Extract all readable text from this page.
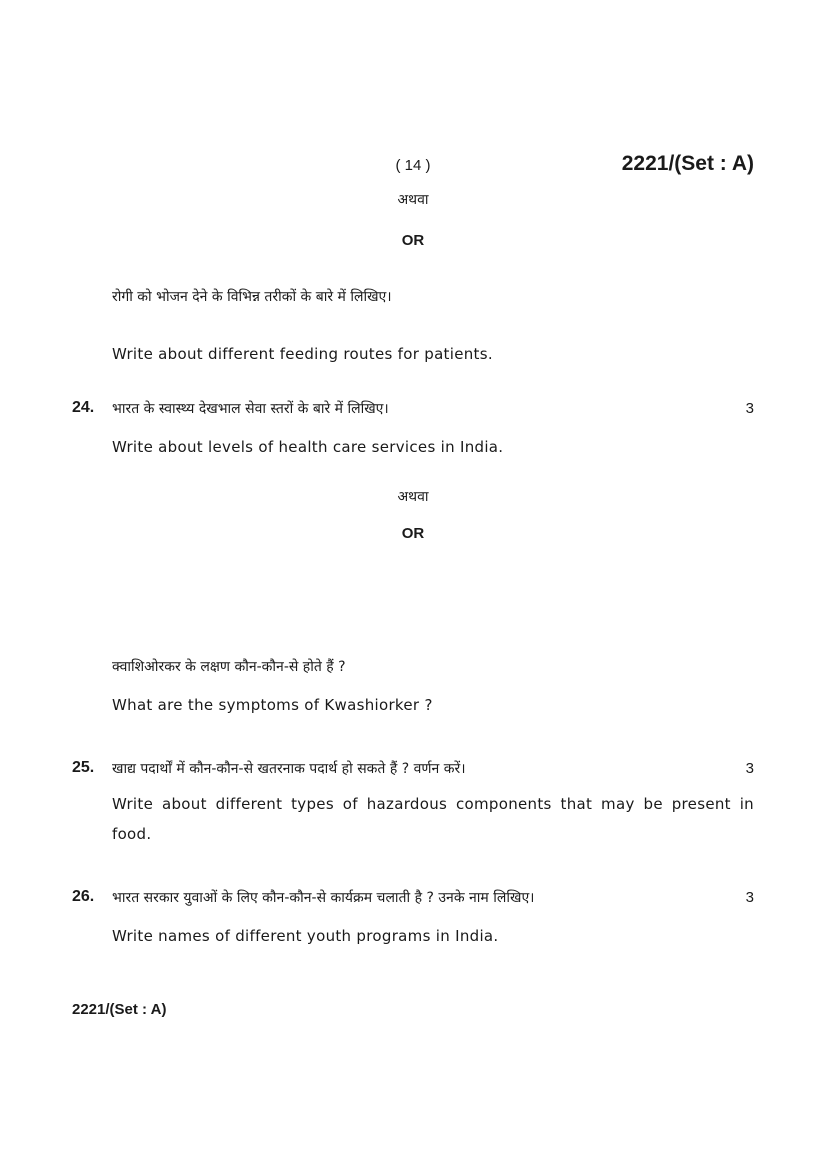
( 14 )	2221/(Set : A)
अथवा
OR
रोगी को भोजन देने के विभिन्न तरीकों के बारे में लिखिए।
Write about different feeding routes for patients.
24. भारत के स्वास्थ्य देखभाल सेवा स्तरों के बारे में लिखिए।	3
Write about levels of health care services in India.
अथवा
OR
क्वाशिओरकर के लक्षण कौन-कौन-से होते हैं ?
What are the symptoms of Kwashiorker ?
25. खाद्य पदार्थों में कौन-कौन-से खतरनाक पदार्थ हो सकते हैं ? वर्णन करें।	3
Write about different types of hazardous components that may be present in food.
26. भारत सरकार युवाओं के लिए कौन-कौन-से कार्यक्रम चलाती है ? उनके नाम लिखिए।	3
Write names of different youth programs in India.
2221/(Set : A)
